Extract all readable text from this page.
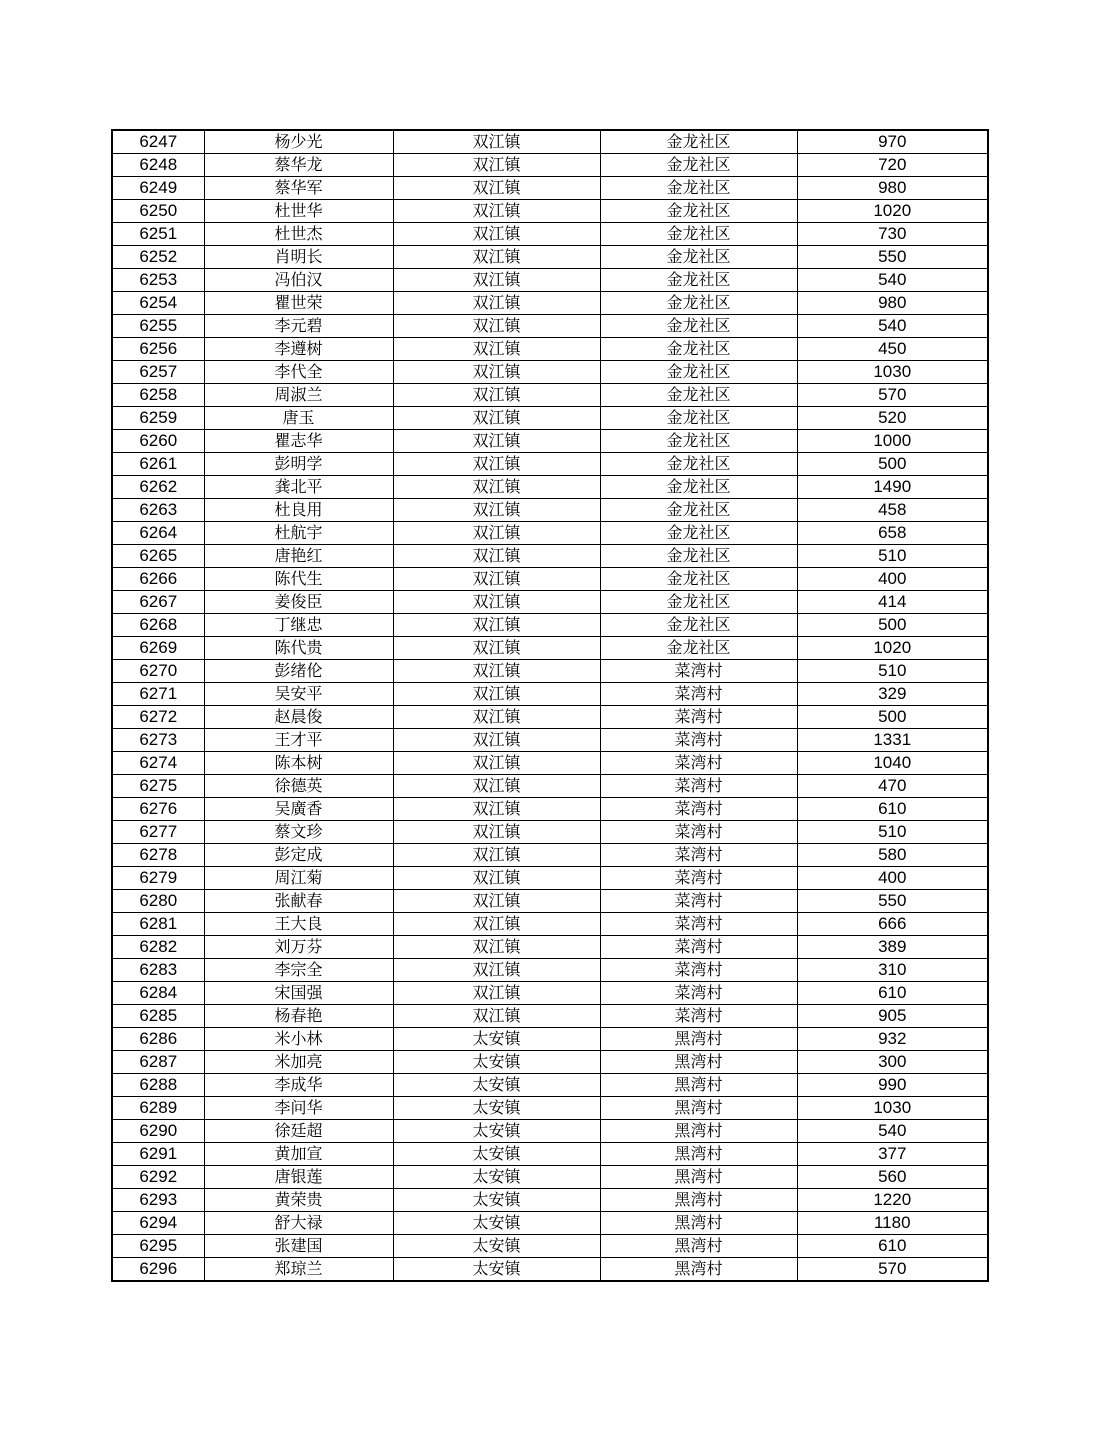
6247	杨少光	双江镇	金龙社区	970
6248	蔡华龙	双江镇	金龙社区	720
6249	蔡华军	双江镇	金龙社区	980
6250	杜世华	双江镇	金龙社区	1020
6251	杜世杰	双江镇	金龙社区	730
6252	肖明长	双江镇	金龙社区	550
6253	冯伯汉	双江镇	金龙社区	540
6254	瞿世荣	双江镇	金龙社区	980
6255	李元碧	双江镇	金龙社区	540
6256	李遵树	双江镇	金龙社区	450
6257	李代全	双江镇	金龙社区	1030
6258	周淑兰	双江镇	金龙社区	570
6259	唐玉	双江镇	金龙社区	520
6260	瞿志华	双江镇	金龙社区	1000
6261	彭明学	双江镇	金龙社区	500
6262	龚北平	双江镇	金龙社区	1490
6263	杜良用	双江镇	金龙社区	458
6264	杜航宇	双江镇	金龙社区	658
6265	唐艳红	双江镇	金龙社区	510
6266	陈代生	双江镇	金龙社区	400
6267	姜俊臣	双江镇	金龙社区	414
6268	丁继忠	双江镇	金龙社区	500
6269	陈代贵	双江镇	金龙社区	1020
6270	彭绪伦	双江镇	菜湾村	510
6271	吴安平	双江镇	菜湾村	329
6272	赵晨俊	双江镇	菜湾村	500
6273	王才平	双江镇	菜湾村	1331
6274	陈本树	双江镇	菜湾村	1040
6275	徐德英	双江镇	菜湾村	470
6276	吴廣香	双江镇	菜湾村	610
6277	蔡文珍	双江镇	菜湾村	510
6278	彭定成	双江镇	菜湾村	580
6279	周江菊	双江镇	菜湾村	400
6280	张献春	双江镇	菜湾村	550
6281	王大良	双江镇	菜湾村	666
6282	刘万芬	双江镇	菜湾村	389
6283	李宗全	双江镇	菜湾村	310
6284	宋国强	双江镇	菜湾村	610
6285	杨春艳	双江镇	菜湾村	905
6286	米小林	太安镇	黑湾村	932
6287	米加亮	太安镇	黑湾村	300
6288	李成华	太安镇	黑湾村	990
6289	李问华	太安镇	黑湾村	1030
6290	徐廷超	太安镇	黑湾村	540
6291	黄加宣	太安镇	黑湾村	377
6292	唐银莲	太安镇	黑湾村	560
6293	黄荣贵	太安镇	黑湾村	1220
6294	舒大禄	太安镇	黑湾村	1180
6295	张建国	太安镇	黑湾村	610
6296	郑琼兰	太安镇	黑湾村	570
